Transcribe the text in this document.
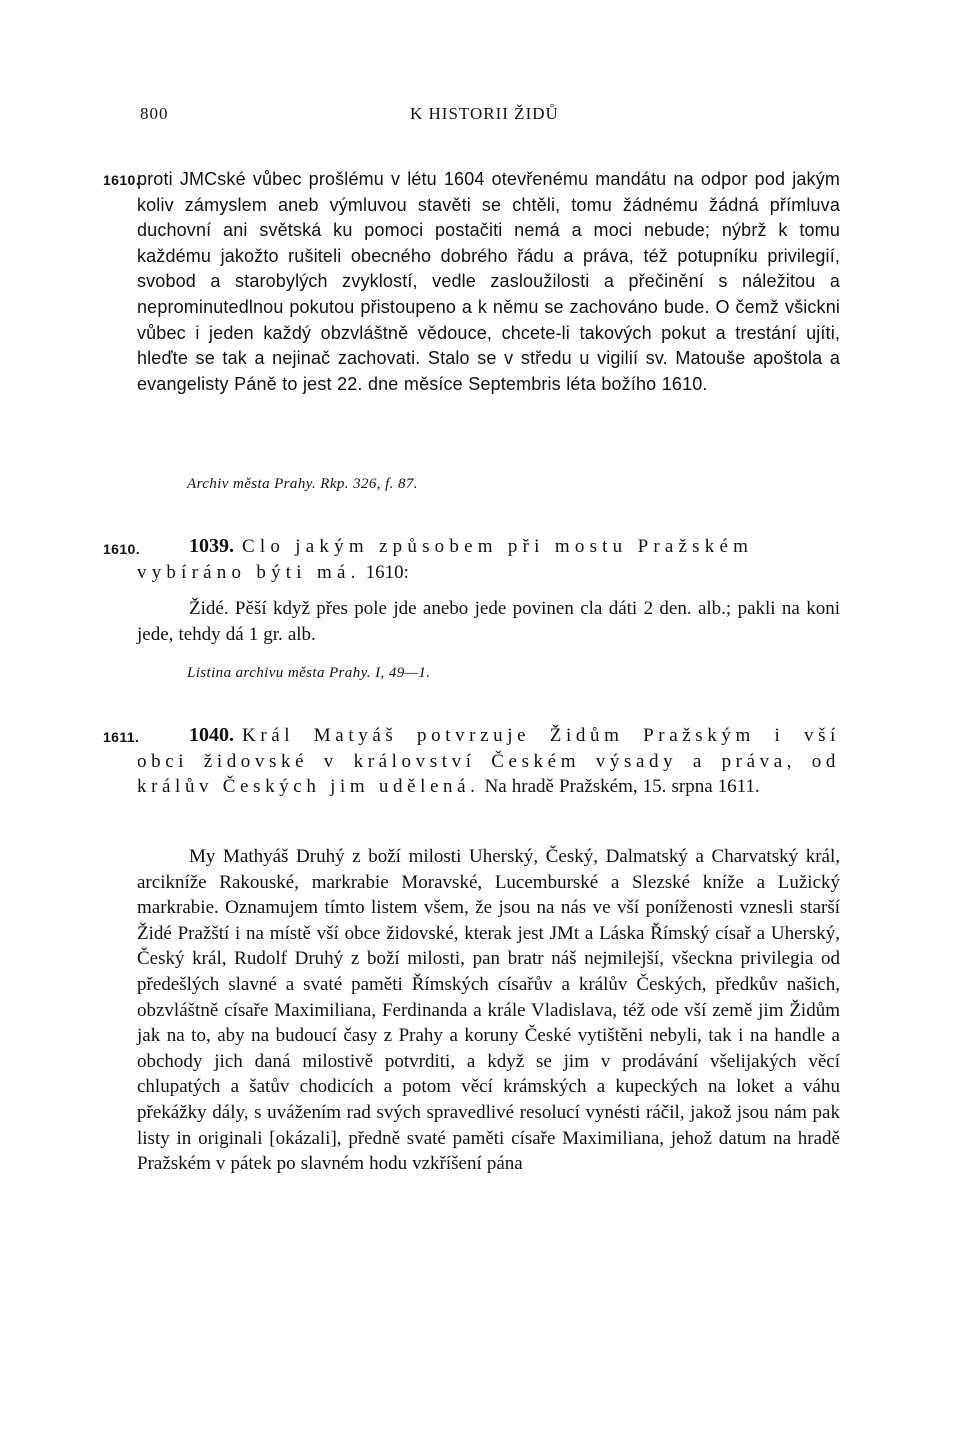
800	K HISTORII ŽIDŮ
1610.

proti JMCské vůbec prošlému v létu 1604 otevřenému mandátu na odpor pod jakým koliv zámyslem aneb výmluvou stavěti se chtěli, tomu žádnému žádná přímluva duchovní ani světská ku pomoci postačiti nemá a moci nebude; nýbrž k tomu každému jakožto rušiteli obecného dobrého řádu a práva, též potupníku privilegií, svobod a starobylých zvyklostí, vedle zasloužilosti a přečinění s náležitou a neprominutedlnou pokutou přistoupeno a k němu se zachováno bude. O čemž všickni vůbec i jeden každý obzvláštně vědouce, chcete-li takových pokut a trestání ujíti, hleďte se tak a nejinač zachovati. Stalo se v středu u vigilií sv. Matouše apoštola a evangelisty Páně to jest 22. dne měsíce Septembris léta božího 1610.

Archiv města Prahy. Rkp. 326, f. 87.
1610.	1039. Clo jakým způsobem při mostu Pražském vybíráno býti má. 1610:

Židé. Pěší když přes pole jde anebo jede povinen cla dáti 2 den. alb.; pakli na koni jede, tehdy dá 1 gr. alb.

Listina archivu města Prahy. I, 49—1.
1611.	1040. Král Matyáš potvrzuje Židům Pražským i vší obci židovské v království Českém výsady a práva, od králův Českých jim udělená. Na hradě Pražském, 15. srpna 1611.

My Mathyáš Druhý z boží milosti Uherský, Český, Dalmatský a Charvatský král, arcikníže Rakouské, markrabie Moravské, Lucemburské a Slezské kníže a Lužický markrabie. Oznamujem tímto listem všem, že jsou na nás ve vší poníženosti vznesli starší Židé Pražští i na místě vší obce židovské, kterak jest JMt a Láska Římský císař a Uherský, Český král, Rudolf Druhý z boží milosti, pan bratr náš nejmilejší, všeckna privilegia od předešlých slavné a svaté paměti Římských císařův a králův Českých, předkův našich, obzvláštně císaře Maximiliana, Ferdinanda a krále Vladislava, též ode vší země jim Židům jak na to, aby na budoucí časy z Prahy a koruny České vytištěni nebyli, tak i na handle a obchody jich daná milostivě potvrditi, a když se jim v prodávání všelijakých věcí chlupatých a šatův chodicích a potom věcí krámských a kupeckých na loket a váhu překážky dály, s uvážením rad svých spravedlivé resolucí vynésti ráčil, jakož jsou nám pak listy in originali [okázali], předně svaté paměti císaře Maximiliana, jehož datum na hradě Pražském v pátek po slavném hodu vzkříšení pána
